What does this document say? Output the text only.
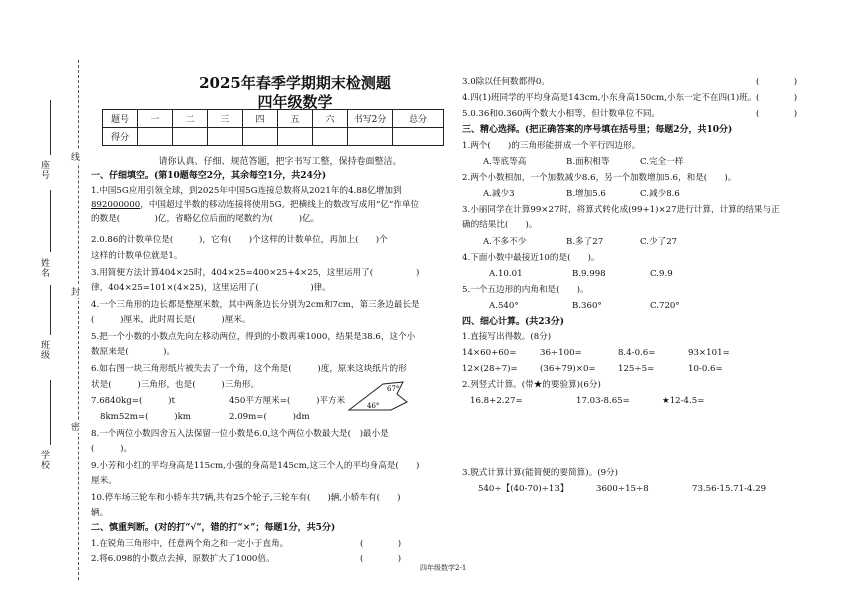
座号
姓名
班级
学校
线
封
密
2025年春季学期期末检测题
四年级数学
题号	一	二	三	四	五	六	书写2分	总分
得分								
请你认真、仔细、规范答题，把字书写工整，保持卷面整洁。
一、仔细填空。(第10题每空2分，其余每空1分，共24分)
1.中国5G应用引领全球，到2025年中国5G连接总数将从2021年的4.88亿增加到
892000000，中国超过半数的移动连接将使用5G。把横线上的数改写成用“亿”作单位
的数是(　　　　)亿，省略亿位后面的尾数约为(　　　)亿。
2.0.86的计数单位是(　　　)，它有(　　)个这样的计数单位，再加上(　　)个
这样的计数单位就是1。
3.用简便方法计算404×25时，404×25=400×25+4×25，这里运用了(　　　　　)
律，404×25=101×(4×25)，这里运用了(　　　　　　)律。
4.一个三角形的边长都是整厘米数，其中两条边长分别为2cm和7cm，第三条边最长是
(　　　)厘米，此时周长是(　　　)厘米。
5.把一个小数的小数点先向左移动两位，得到的小数再乘1000，结果是38.6，这个小
数原来是(　　　　)。
6.如右图一块三角形纸片被失去了一个角，这个角是(　　　)度，原来这块纸片的形
状是(　　　)三角形，也是(　　　)三角形。
46°
67°
7.6840kg=(　　　)t	450平方厘米=(　　　)平方米
8km52m=(　　　)km	2.09m=(　　　)dm
8.一个两位小数四舍五入法保留一位小数是6.0,这个两位小数最大是(　)最小是
(　　　)。
9.小芳和小红的平均身高是115cm,小强的身高是145cm,这三个人的平均身高是(　　)
厘米。
10.停车场三轮车和小轿车共7辆,共有25个轮子,三轮车有(　　)辆,小轿车有(　　)
辆。
二、慎重判断。(对的打“√”，错的打“×”；每题1分，共5分)
1.在锐角三角形中，任意两个角之和一定小于直角。	(　　　　)
2.将6.098的小数点去掉，原数扩大了1000倍。	(　　　　)
3.0除以任何数都得0。	(　　　　)
4.四(1)班同学的平均身高是143cm,小东身高150cm,小东一定不在四(1)班。 (　　　　)
5.0.36和0.360两个数大小相等，但计数单位不同。	(　　　　)
三、精心选择。(把正确答案的序号填在括号里；每题2分，共10分)
1.两个(　　)的三角形能拼成一个平行四边形。
A.等底等高	B.面积相等	C.完全一样
2.两个小数相加，一个加数减少8.6，另一个加数增加5.6，和是(　　)。
A.减少3	B.增加5.6	C.减少8.6
3.小丽同学在计算99×27时，将算式转化成(99+1)×27进行计算，计算的结果与正
确的结果比(　　)。
A.不多不少	B.多了27	C.少了27
4.下面小数中最接近10的是(　　)。
A.10.01	B.9.998	C.9.9
5.一个五边形的内角和是(　　)。
A.540°	B.360°	C.720°
四、细心计算。(共23分)
1.直接写出得数。(8分)
14×60+60=	36÷100=	8.4-0.6=	93×101=
12×(28÷7)=	(36+79)×0=	125÷5=	10-0.6=
2.列竖式计算。(带★的要验算)(6分)
16.8+2.27=	17.03-8.65=	★12-4.5=
3.脱式计算计算(能简便的要简算)。(9分)
540÷【(40-70)÷13】	3600÷15÷8	73.56-15.71-4.29
四年级数学2-1
